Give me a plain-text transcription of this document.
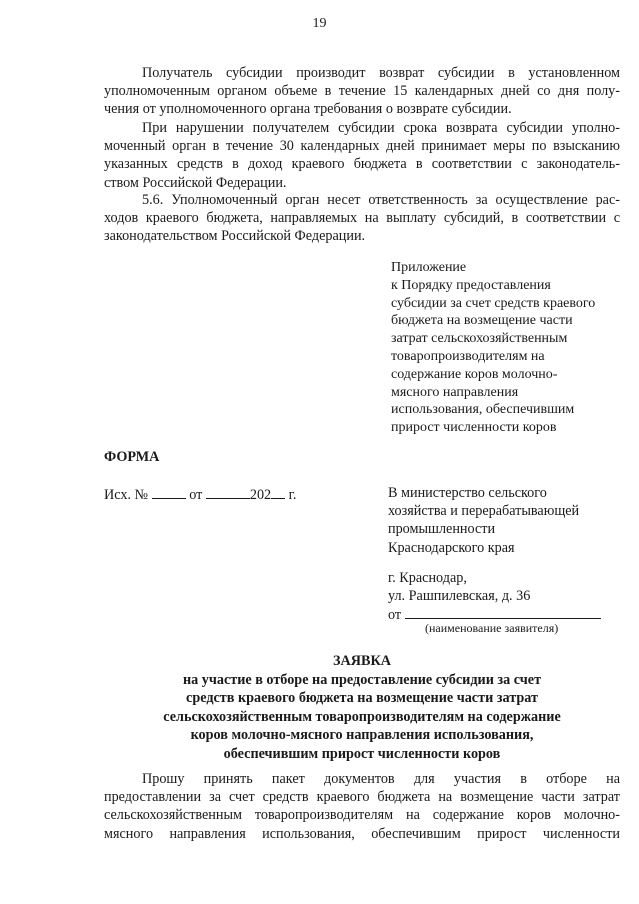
19
Получатель субсидии производит возврат субсидии в установленном
уполномоченным органом объеме в течение 15 календарных дней со дня полу-
чения от уполномоченного органа требования о возврате субсидии.
При нарушении получателем субсидии срока возврата субсидии уполно-
моченный орган в течение 30 календарных дней принимает меры по взысканию
указанных средств в доход краевого бюджета в соответствии с законодатель-
ством Российской Федерации.
5.6. Уполномоченный орган несет ответственность за осуществление рас-
ходов краевого бюджета, направляемых на выплату субсидий, в соответствии с
законодательством Российской Федерации.
Приложение
к Порядку предоставления
субсидии за счет средств краевого
бюджета на возмещение части
затрат сельскохозяйственным
товаропроизводителям на
содержание коров молочно-
мясного направления
использования, обеспечившим
прирост численности коров
ФОРМА
Исх. №	от	202 г.	В министерство сельского
хозяйства и перерабатывающей
промышленности
Краснодарского края
г. Краснодар,
ул. Рашпилевская, д. 36
от
(наименование заявителя)
ЗАЯВКА
на участие в отборе на предоставление субсидии за счет
средств краевого бюджета на возмещение части затрат
сельскохозяйственным товаропроизводителям на содержание
коров молочно-мясного направления использования,
обеспечившим прирост численности коров
Прошу принять пакет документов для участия в отборе на
предоставлении за счет средств краевого бюджета на возмещение части затрат
сельскохозяйственным товаропроизводителям на содержание коров молочно-
мясного направления использования, обеспечившим прирост численности
